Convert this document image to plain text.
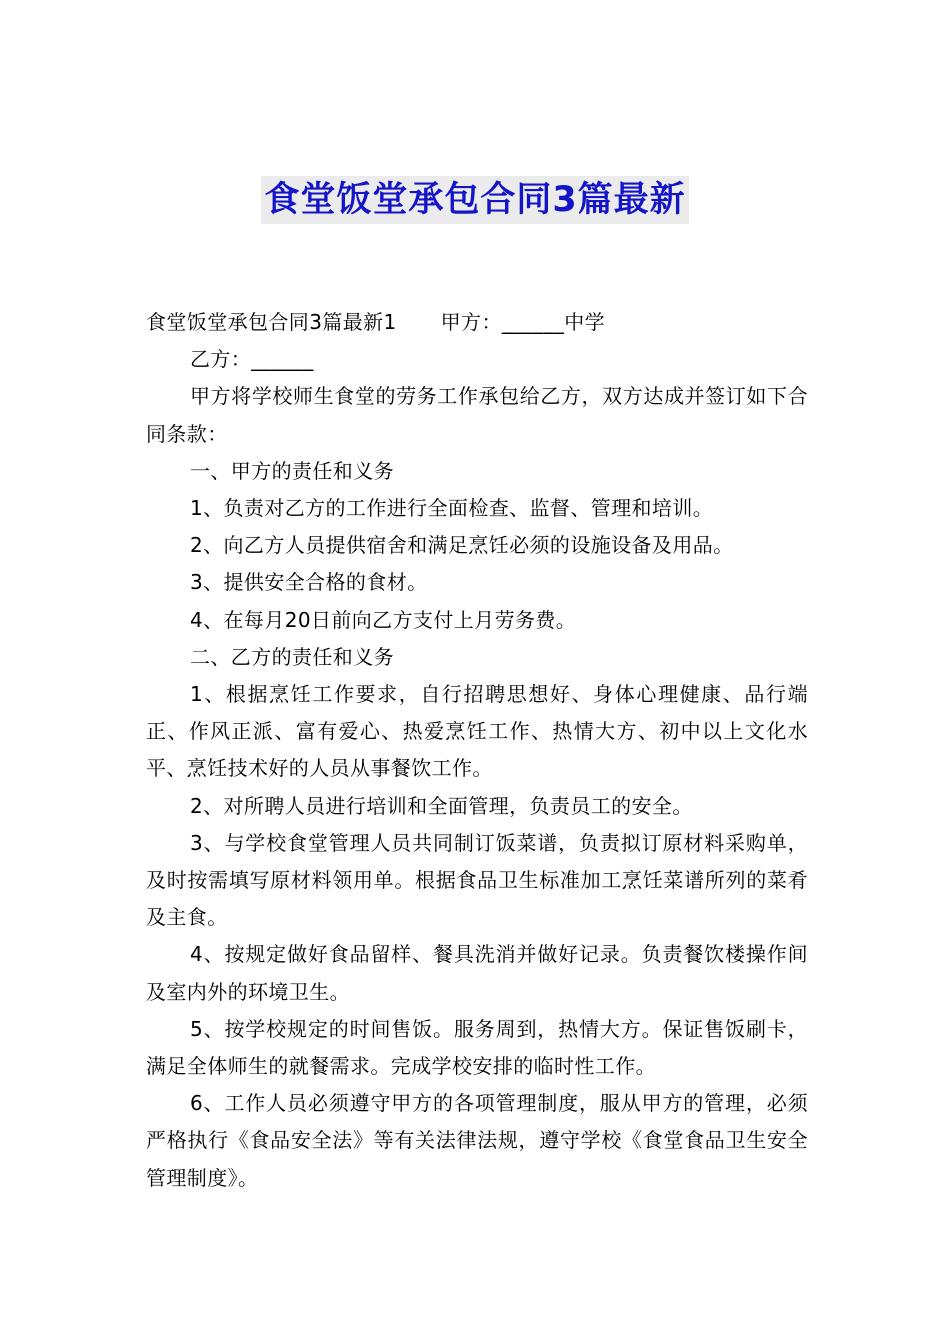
食堂饭堂承包合同3篇最新

食堂饭堂承包合同3篇最新1 甲方：______中学

乙方：______

甲方将学校师生食堂的劳务工作承包给乙方，双方达成并签订如下合同条款：

一、甲方的责任和义务

1、负责对乙方的工作进行全面检查、监督、管理和培训。

2、向乙方人员提供宿舍和满足烹饪必须的设施设备及用品。

3、提供安全合格的食材。

4、在每月20日前向乙方支付上月劳务费。

二、乙方的责任和义务

1、根据烹饪工作要求，自行招聘思想好、身体心理健康、品行端正、作风正派、富有爱心、热爱烹饪工作、热情大方、初中以上文化水平、烹饪技术好的人员从事餐饮工作。

2、对所聘人员进行培训和全面管理，负责员工的安全。

3、与学校食堂管理人员共同制订饭菜谱，负责拟订原材料采购单，及时按需填写原材料领用单。根据食品卫生标准加工烹饪菜谱所列的菜肴及主食。

4、按规定做好食品留样、餐具洗消并做好记录。负责餐饮楼操作间及室内外的环境卫生。

5、按学校规定的时间售饭。服务周到，热情大方。保证售饭刷卡，满足全体师生的就餐需求。完成学校安排的临时性工作。

6、工作人员必须遵守甲方的各项管理制度，服从甲方的管理，必须严格执行《食品安全法》等有关法律法规，遵守学校《食堂食品卫生安全管理制度》。
